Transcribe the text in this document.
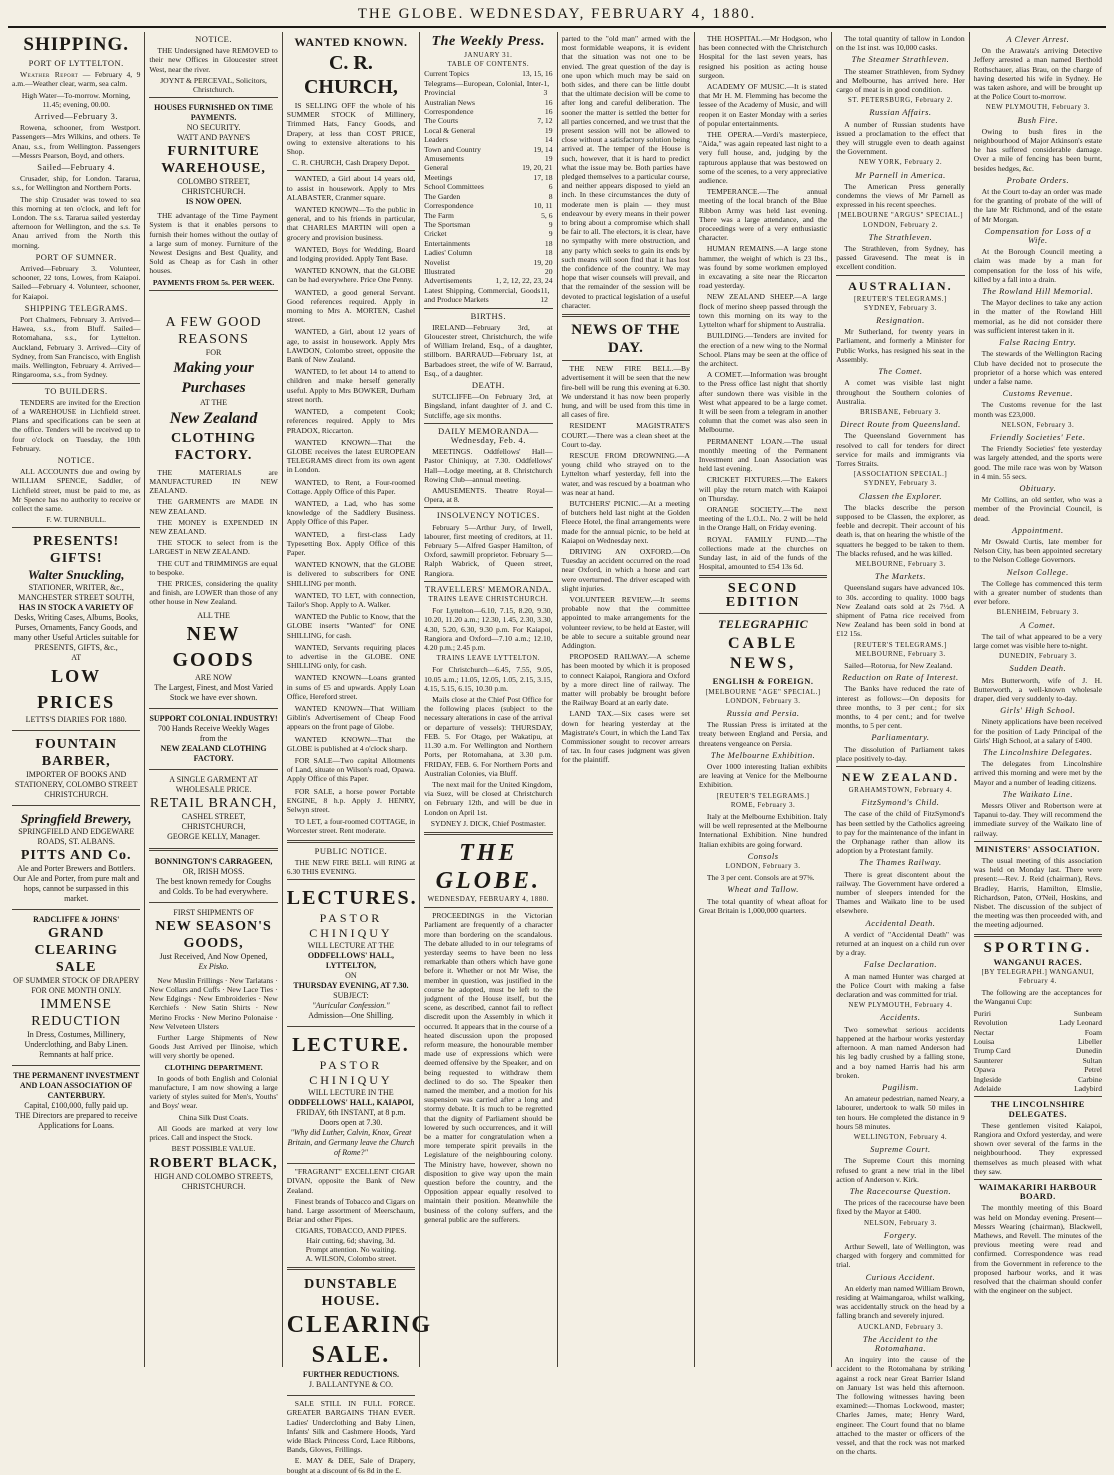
THE GLOBE. WEDNESDAY, FEBRUARY 4, 1880.
SHIPPING.
PORT OF LYTTELTON.
Weather Report — February 4, 9 a.m.—Weather clear, warm, sea calm.
High Water—To-morrow. Morning, 11.45; evening, 00.00.
Arrived—February 3.
Rowena, schooner, from Westport. Passengers—Mrs Wilkins, and others. Te Anau, s.s., from Wellington. Passengers—Messrs Pearson, Boyd, and others.
Sailed—February 4.
Crusader, ship, for London. Tararua, s.s., for Wellington and Northern Ports.
The ship Crusader was towed to sea this morning at ten o'clock, and left for London. The s.s. Tararua sailed yesterday afternoon for Wellington, and the s.s. Te Anau arrived from the North this morning.
PORT OF SUMNER.
Arrived—February 3. Volunteer, schooner, 22 tons, Lowes, from Kaiapoi. Sailed—February 4. Volunteer, schooner, for Kaiapoi.
SHIPPING TELEGRAMS.
Port Chalmers, February 3. Arrived—Hawea, s.s., from Bluff. Sailed—Rotomahana, s.s., for Lyttelton. Auckland, February 3. Arrived—City of Sydney, from San Francisco, with English mails. Wellington, February 4. Arrived—Ringarooma, s.s., from Sydney.
TO BUILDERS.
TENDERS are invited for the Erection of a WAREHOUSE in Lichfield street. Plans and specifications can be seen at the office. Tenders will be received up to four o'clock on Tuesday, the 10th February.
NOTICE.
ALL ACCOUNTS due and owing by WILLIAM SPENCE, Saddler, of Lichfield street, must be paid to me, as Mr Spence has no authority to receive or collect the same.
F. W. TURNBULL.
PRESENTS! GIFTS!
Walter Snuckling,
STATIONER, WRITER, &c.,
MANCHESTER STREET SOUTH,
HAS IN STOCK A VARIETY OF
Desks, Writing Cases, Albums, Books, Purses, Ornaments, Fancy Goods, and many other Useful Articles suitable for
PRESENTS, GIFTS, &c.,
AT
LOW PRICES
LETTS'S DIARIES FOR 1880.
FOUNTAIN BARBER,
IMPORTER OF BOOKS AND STATIONERY, COLOMBO STREET CHRISTCHURCH.
Springfield Brewery,
SPRINGFIELD AND EDGEWARE ROADS, ST. ALBANS.
PITTS AND Co.
Ale and Porter Brewers and Bottlers. Our Ale and Porter, from pure malt and hops, cannot be surpassed in this market.
RADCLIFFE & JOHNS'
GRAND CLEARING SALE
OF SUMMER STOCK OF DRAPERY FOR ONE MONTH ONLY.
IMMENSE REDUCTION
In Dress, Costumes, Millinery, Underclothing, and Baby Linen. Remnants at half price.
THE PERMANENT INVESTMENT AND LOAN ASSOCIATION OF CANTERBURY.
Capital, £100,000, fully paid up.
THE Directors are prepared to receive Applications for Loans.
NOTICE.
THE Undersigned have REMOVED to their new Offices in Gloucester street West, near the river.
JOYNT & PERCEVAL, Solicitors, Christchurch.
HOUSES FURNISHED ON TIME PAYMENTS.
NO SECURITY.
WATT AND PAYNE'S
FURNITURE WAREHOUSE,
COLOMBO STREET, CHRISTCHURCH.
IS NOW OPEN.
THE advantage of the Time Payment System is that it enables persons to furnish their homes without the outlay of a large sum of money. Furniture of the Newest Designs and Best Quality, and Sold as Cheap as for Cash in other houses.
PAYMENTS FROM 5s. PER WEEK.
A FEW GOOD REASONS
FOR
Making your Purchases
AT THE
New Zealand
CLOTHING FACTORY.
THE MATERIALS are MANUFACTURED IN NEW ZEALAND.
THE GARMENTS are MADE IN NEW ZEALAND.
THE MONEY is EXPENDED IN NEW ZEALAND.
THE STOCK to select from is the LARGEST in NEW ZEALAND.
THE CUT and TRIMMINGS are equal to bespoke.
THE PRICES, considering the quality and finish, are LOWER than those of any other house in New Zealand.
ALL THE
NEW GOODS
ARE NOW
The Largest, Finest, and Most Varied Stock we have ever shown.
SUPPORT COLONIAL INDUSTRY!
700 Hands Receive Weekly Wages from the
NEW ZEALAND CLOTHING FACTORY.
A SINGLE GARMENT AT WHOLESALE PRICE.
RETAIL BRANCH,
CASHEL STREET, CHRISTCHURCH,
GEORGE KELLY, Manager.
BONNINGTON'S CARRAGEEN,
OR, IRISH MOSS.
The best known remedy for Coughs and Colds. To be had everywhere.
FIRST SHIPMENTS OF
NEW SEASON'S GOODS,
Just Received, And Now Opened,
Ex Pisko.
New Muslin Frillings · New Tarlatans · New Collars and Cuffs · New Lace Ties · New Edgings · New Embroideries · New Kerchiefs · New Satin Shirts · New Merino Frocks · New Merino Polonaise · New Velveteen Ulsters
Further Large Shipments of New Goods Just Arrived per Ilinoise, which will very shortly be opened.
CLOTHING DEPARTMENT.
In goods of both English and Colonial manufacture, I am now showing a large variety of styles suited for Men's, Youths' and Boys' wear.
China Silk Dust Coats.
All Goods are marked at very low prices. Call and inspect the Stock.
BEST POSSIBLE VALUE.
ROBERT BLACK,
HIGH AND COLOMBO STREETS, CHRISTCHURCH.
WANTED KNOWN.
C. R. CHURCH,
IS SELLING OFF the whole of his SUMMER STOCK of Millinery, Trimmed Hats, Fancy Goods, and Drapery, at less than COST PRICE, owing to extensive alterations to his Shop.
C. R. CHURCH, Cash Drapery Depot.
WANTED, a Girl about 14 years old, to assist in housework. Apply to Mrs ALABASTER, Cranmer square.
WANTED KNOWN—To the public in general, and to his friends in particular, that CHARLES MARTIN will open a grocery and provision business.
WANTED, Boys for Wedding, Board and lodging provided. Apply Tent Base.
WANTED KNOWN, that the GLOBE can be had everywhere. Price One Penny.
WANTED, a good general Servant. Good references required. Apply in morning to Mrs A. MORTEN, Cashel street.
WANTED, a Girl, about 12 years of age, to assist in housework. Apply Mrs LAWDON, Colombo street, opposite the Bank of New Zealand.
WANTED, to let about 14 to attend to children and make herself generally useful. Apply to Mrs BOWKER, Durham street north.
WANTED, a competent Cook; references required. Apply to Mrs PRADOX, Riccarton.
WANTED KNOWN—That the GLOBE receives the latest EUROPEAN TELEGRAMS direct from its own agent in London.
WANTED, to Rent, a Four-roomed Cottage. Apply Office of this Paper.
WANTED, a Lad, who has some knowledge of the Saddlery Business. Apply Office of this Paper.
WANTED, a first-class Lady Typesetting Box. Apply Office of this Paper.
WANTED KNOWN, that the GLOBE is delivered to subscribers for ONE SHILLING per month.
WANTED, TO LET, with connection, Tailor's Shop. Apply to A. Walker.
WANTED the Public to Know, that the GLOBE inserts "Wanted" for ONE SHILLING, for cash.
WANTED, Servants requiring places to advertise in the GLOBE. ONE SHILLING only, for cash.
WANTED KNOWN—Loans granted in sums of £5 and upwards. Apply Loan Office, Hereford street.
WANTED KNOWN—That William Giblin's Advertisement of Cheap Food appears on the front page of Globe.
WANTED KNOWN—That the GLOBE is published at 4 o'clock sharp.
FOR SALE—Two capital Allotments of Land, situate on Wilson's road, Opawa. Apply Office of this Paper.
FOR SALE, a horse power Portable ENGINE, 8 h.p. Apply J. HENRY, Selwyn street.
TO LET, a four-roomed COTTAGE, in Worcester street. Rent moderate.
PUBLIC NOTICE.
THE NEW FIRE BELL will RING at 6.30 THIS EVENING.
LECTURES.
PASTOR CHINIQUY
WILL LECTURE AT THE
ODDFELLOWS' HALL, LYTTELTON,
ON
THURSDAY EVENING, AT 7.30.
SUBJECT:
"Auricular Confession."
Admission—One Shilling.
LECTURE.
PASTOR CHINIQUY
WILL LECTURE IN THE
ODDFELLOWS' HALL, KAIAPOI,
FRIDAY, 6th INSTANT, at 8 p.m.
Doors open at 7.30.
"Why did Luther, Calvin, Knox, Great Britain, and Germany leave the Church of Rome?"
"FRAGRANT" EXCELLENT CIGAR DIVAN, opposite the Bank of New Zealand.
Finest brands of Tobacco and Cigars on hand. Large assortment of Meerschaum, Briar and other Pipes.
CIGARS, TOBACCO, AND PIPES.
Hair cutting, 6d; shaving, 3d.
Prompt attention. No waiting.
A. WILSON, Colombo street.
DUNSTABLE HOUSE.
CLEARING
SALE.
FURTHER REDUCTIONS.
J. BALLANTYNE & CO.
SALE STILL IN FULL FORCE. GREATER BARGAINS THAN EVER. Ladies' Underclothing and Baby Linen, Infants' Silk and Cashmere Hoods, Yard wide Black Princess Cord, Lace Ribbons, Bands, Gloves, Frillings.
E. MAY & DEE, Sale of Drapery, bought at a discount of 6s 8d in the £.
The Weekly Press.
JANUARY 31.
TABLE OF CONTENTS.
Current Topics	13, 15, 16
Telegrams—European, Colonial, Inter-Provincial
1, 3
Australian News	16
Correspondence	16
The Courts	7, 12
Local & General	19
Leaders	14
Town and Country	19, 14
Amusements	19
General	19, 20, 21
Meetings	17, 18
School Committees	6
The Garden	8
Correspondence	10, 11
The Farm	5, 6
The Sportsman	9
Cricket	9
Entertainments	18
Ladies' Column	18
Novelist	19, 20
Illustrated	20
Advertisements	1, 2, 12, 22, 23, 24
Latest Shipping, Commercial, Goods and Produce Markets
11, 12
BIRTHS.
IRELAND—February 3rd, at Gloucester street, Christchurch, the wife of William Ireland, Esq., of a daughter, stillborn. BARRAUD—February 1st, at Barbadoes street, the wife of W. Barraud, Esq., of a daughter.
DEATH.
SUTCLIFFE—On February 3rd, at Bingsland, infant daughter of J. and C. Sutcliffe, age six months.
DAILY MEMORANDA—Wednesday, Feb. 4.
MEETINGS. Oddfellows' Hall—Pastor Chiniquy, at 7.30. Oddfellows' Hall—Lodge meeting, at 8. Christchurch Rowing Club—annual meeting.
AMUSEMENTS. Theatre Royal—Opera, at 8.
INSOLVENCY NOTICES.
February 5—Arthur Jury, of Irwell, labourer, first meeting of creditors, at 11. February 5—Alfred Gasper Hamilton, of Oxford, sawmill proprietor. February 5—Ralph Wabrick, of Queen street, Rangiora.
TRAVELLERS' MEMORANDA.
TRAINS LEAVE CHRISTCHURCH.
For Lyttelton—6.10, 7.15, 8.20, 9.30, 10.20, 11.20 a.m.; 12.30, 1.45, 2.30, 3.30, 4.30, 5.20, 6.30, 9.30 p.m. For Kaiapoi, Rangiora and Oxford—7.10 a.m.; 12.10, 4.20 p.m.; 2.45 p.m.
TRAINS LEAVE LYTTELTON.
For Christchurch—6.45, 7.55, 9.05, 10.05 a.m.; 11.05, 12.05, 1.05, 2.15, 3.15, 4.15, 5.15, 6.15, 10.30 p.m.
Mails close at the Chief Post Office for the following places (subject to the necessary alterations in case of the arrival or departure of vessels): THURSDAY, FEB. 5. For Otago, per Wakatipu, at 11.30 a.m. For Wellington and Northern Ports, per Rotomahana, at 3.30 p.m. FRIDAY, FEB. 6. For Northern Ports and Australian Colonies, via Bluff.
The next mail for the United Kingdom, via Suez, will be closed at Christchurch on February 12th, and will be due in London on April 1st.
SYDNEY J. DICK, Chief Postmaster.
THE GLOBE.
WEDNESDAY, FEBRUARY 4, 1880.
PROCEEDINGS in the Victorian Parliament are frequently of a character more than bordering on the scandalous. The debate alluded to in our telegrams of yesterday seems to have been no less remarkable than others which have gone before it. Whether or not Mr Wise, the member in question, was justified in the course he adopted, must be left to the judgment of the House itself, but the scene, as described, cannot fail to reflect discredit upon the Assembly in which it occurred. It appears that in the course of a heated discussion upon the proposed reform measure, the honourable member made use of expressions which were deemed offensive by the Speaker, and on being requested to withdraw them declined to do so. The Speaker then named the member, and a motion for his suspension was carried after a long and stormy debate. It is much to be regretted that the dignity of Parliament should be lowered by such occurrences, and it will be a matter for congratulation when a more temperate spirit prevails in the Legislature of the neighbouring colony. The Ministry have, however, shown no disposition to give way upon the main question before the country, and the Opposition appear equally resolved to maintain their position. Meanwhile the business of the colony suffers, and the general public are the sufferers.
parted to the "old man" armed with the most formidable weapons, it is evident that the situation was not one to be envied. The great question of the day is one upon which much may be said on both sides, and there can be little doubt that the ultimate decision will be come to after long and careful deliberation. The sooner the matter is settled the better for all parties concerned, and we trust that the present session will not be allowed to close without a satisfactory solution being arrived at. The temper of the House is such, however, that it is hard to predict what the issue may be. Both parties have pledged themselves to a particular course, and neither appears disposed to yield an inch. In these circumstances the duty of moderate men is plain — they must endeavour by every means in their power to bring about a compromise which shall be fair to all. The electors, it is clear, have no sympathy with mere obstruction, and any party which seeks to gain its ends by such means will soon find that it has lost the confidence of the country. We may hope that wiser counsels will prevail, and that the remainder of the session will be devoted to practical legislation of a useful character.
NEWS OF THE DAY.
THE NEW FIRE BELL.—By advertisement it will be seen that the new fire-bell will be rung this evening at 6.30. We understand it has now been properly hung, and will be used from this time in all cases of fire.
RESIDENT MAGISTRATE'S COURT.—There was a clean sheet at the Court to-day.
RESCUE FROM DROWNING.—A young child who strayed on to the Lyttelton wharf yesterday, fell into the water, and was rescued by a boatman who was near at hand.
BUTCHERS' PICNIC.—At a meeting of butchers held last night at the Golden Fleece Hotel, the final arrangements were made for the annual picnic, to be held at Kaiapoi on Wednesday next.
DRIVING AN OXFORD.—On Tuesday an accident occurred on the road near Oxford, in which a horse and cart were overturned. The driver escaped with slight injuries.
VOLUNTEER REVIEW.—It seems probable now that the committee appointed to make arrangements for the volunteer review, to be held at Easter, will be able to secure a suitable ground near Addington.
PROPOSED RAILWAY.—A scheme has been mooted by which it is proposed to connect Kaiapoi, Rangiora and Oxford by a more direct line of railway. The matter will probably be brought before the Railway Board at an early date.
LAND TAX.—Six cases were set down for hearing yesterday at the Magistrate's Court, in which the Land Tax Commissioner sought to recover arrears of tax. In four cases judgment was given for the plaintiff.
THE HOSPITAL.—Mr Hodgson, who has been connected with the Christchurch Hospital for the last seven years, has resigned his position as acting house surgeon.
ACADEMY OF MUSIC.—It is stated that Mr H. M. Flemming has become the lessee of the Academy of Music, and will reopen it on Easter Monday with a series of popular entertainments.
THE OPERA.—Verdi's masterpiece, "Aida," was again repeated last night to a very full house, and, judging by the rapturous applause that was bestowed on some of the scenes, to a very appreciative audience.
TEMPERANCE.—The annual meeting of the local branch of the Blue Ribbon Army was held last evening. There was a large attendance, and the proceedings were of a very enthusiastic character.
HUMAN REMAINS.—A large stone hammer, the weight of which is 23 lbs., was found by some workmen employed in excavating a site near the Riccarton road yesterday.
NEW ZEALAND SHEEP.—A large flock of merino sheep passed through the town this morning on its way to the Lyttelton wharf for shipment to Australia.
BUILDING.—Tenders are invited for the erection of a new wing to the Normal School. Plans may be seen at the office of the architect.
A COMET.—Information was brought to the Press office last night that shortly after sundown there was visible in the West what appeared to be a large comet. It will be seen from a telegram in another column that the comet was also seen in Melbourne.
PERMANENT LOAN.—The usual monthly meeting of the Permanent Investment and Loan Association was held last evening.
CRICKET FIXTURES.—The Eakers will play the return match with Kaiapoi on Thursday.
ORANGE SOCIETY.—The next meeting of the L.O.L. No. 2 will be held in the Orange Hall, on Friday evening.
ROYAL FAMILY FUND.—The collections made at the churches on Sunday last, in aid of the funds of the Hospital, amounted to £54 13s 6d.
SECOND EDITION
TELEGRAPHIC
CABLE NEWS,
ENGLISH & FOREIGN.
[MELBOURNE "AGE" SPECIAL.]
LONDON, February 3.
Russia and Persia.
The Russian Press is irritated at the treaty between England and Persia, and threatens vengeance on Persia.
The Melbourne Exhibition.
Over 1000 interesting Italian exhibits are leaving at Venice for the Melbourne Exhibition.
[REUTER'S TELEGRAMS.]
ROME, February 3.
Italy at the Melbourne Exhibition. Italy will be well represented at the Melbourne International Exhibition. Nine hundred Italian exhibits are going forward.
Consols
LONDON, February 3.
The 3 per cent. Consols are at 97⅝.
Wheat and Tallow.
The total quantity of wheat afloat for Great Britain is 1,000,000 quarters.
The total quantity of tallow in London on the 1st inst. was 10,000 casks.
The Steamer Strathleven.
The steamer Strathleven, from Sydney and Melbourne, has arrived here. Her cargo of meat is in good condition.
ST. PETERSBURG, February 2.
Russian Affairs.
A number of Russian students have issued a proclamation to the effect that they will struggle even to death against the Government.
NEW YORK, February 2.
Mr Parnell in America.
The American Press generally condemns the views of Mr Parnell as expressed in his recent speeches.
[MELBOURNE "ARGUS" SPECIAL.]
LONDON, February 2.
The Strathleven.
The Strathleven, from Sydney, has passed Gravesend. The meat is in excellent condition.
AUSTRALIAN.
[REUTER'S TELEGRAMS.]
SYDNEY, February 3.
Resignation.
Mr Sutherland, for twenty years in Parliament, and formerly a Minister for Public Works, has resigned his seat in the Assembly.
The Comet.
A comet was visible last night throughout the Southern colonies of Australia.
BRISBANE, February 3.
Direct Route from Queensland.
The Queensland Government has resolved to call for tenders for direct service for mails and immigrants via Torres Straits.
[ASSOCIATION SPECIAL.]
SYDNEY, February 3.
Classen the Explorer.
The blacks describe the person supposed to be Classen, the explorer, as feeble and decrepit. Their account of his death is, that on hearing the whistle of the squatters he begged to be taken to them. The blacks refused, and he was killed.
MELBOURNE, February 3.
The Markets.
Queensland sugars have advanced 10s. to 30s. according to quality. 1000 bags New Zealand oats sold at 2s 7½d. A shipment of Patna rice received from New Zealand has been sold in bond at £12 15s.
[REUTER'S TELEGRAMS.]
MELBOURNE, February 3.
Sailed—Rotorua, for New Zealand.
Reduction on Rate of Interest.
The Banks have reduced the rate of interest as follows:—On deposits for three months, to 3 per cent.; for six months, to 4 per cent.; and for twelve months, to 5 per cent.
Parliamentary.
The dissolution of Parliament takes place positively to-day.
NEW ZEALAND.
GRAHAMSTOWN, February 4.
FitzSymond's Child.
The case of the child of FitzSymond's has been settled by the Catholics agreeing to pay for the maintenance of the infant in the Orphanage rather than allow its adoption by a Protestant family.
The Thames Railway.
There is great discontent about the railway. The Government have ordered a number of sleepers intended for the Thames and Waikato line to be used elsewhere.
Accidental Death.
A verdict of "Accidental Death" was returned at an inquest on a child run over by a dray.
False Declaration.
A man named Hunter was charged at the Police Court with making a false declaration and was committed for trial.
NEW PLYMOUTH, February 4.
Accidents.
Two somewhat serious accidents happened at the harbour works yesterday afternoon. A man named Anderson had his leg badly crushed by a falling stone, and a boy named Harris had his arm broken.
Pugilism.
An amateur pedestrian, named Neary, a labourer, undertook to walk 50 miles in ten hours. He completed the distance in 9 hours 58 minutes.
WELLINGTON, February 4.
Supreme Court.
The Supreme Court this morning refused to grant a new trial in the libel action of Anderson v. Kirk.
The Racecourse Question.
The prices of the racecourse have been fixed by the Mayor at £400.
NELSON, February 3.
Forgery.
Arthur Sewell, late of Wellington, was charged with forgery and committed for trial.
Curious Accident.
An elderly man named William Brown, residing at Waimangaroa, whilst walking, was accidentally struck on the head by a falling branch and severely injured.
AUCKLAND, February 3.
The Accident to the Rotomahana.
An inquiry into the cause of the accident to the Rotomahana by striking against a rock near Great Barrier Island on January 1st was held this afternoon. The following witnesses having been examined:—Thomas Lockwood, master; Charles James, mate; Henry Ward, engineer. The Court found that no blame attached to the master or officers of the vessel, and that the rock was not marked on the charts.
A Clever Arrest.
On the Arawata's arriving Detective Jeffery arrested a man named Berthold Rothschauer, alias Brau, on the charge of having deserted his wife in Sydney. He was taken ashore, and will be brought up at the Police Court to-morrow.
NEW PLYMOUTH, February 3.
Bush Fire.
Owing to bush fires in the neighbourhood of Major Atkinson's estate he has suffered considerable damage. Over a mile of fencing has been burnt, besides hedges, &c.
Probate Orders.
At the Court to-day an order was made for the granting of probate of the will of the late Mr Richmond, and of the estate of Mr Morgan.
Compensation for Loss of a Wife.
At the Borough Council meeting a claim was made by a man for compensation for the loss of his wife, killed by a fall into a drain.
The Rowland Hill Memorial.
The Mayor declines to take any action in the matter of the Rowland Hill memorial, as he did not consider there was sufficient interest taken in it.
False Racing Entry.
The stewards of the Wellington Racing Club have decided not to prosecute the proprietor of a horse which was entered under a false name.
Customs Revenue.
The Customs revenue for the last month was £23,000.
NELSON, February 3.
Friendly Societies' Fete.
The Friendly Societies' fete yesterday was largely attended, and the sports were good. The mile race was won by Watson in 4 min. 55 secs.
Obituary.
Mr Collins, an old settler, who was a member of the Provincial Council, is dead.
Appointment.
Mr Oswald Curtis, late member for Nelson City, has been appointed secretary to the Nelson College Governors.
Nelson College.
The College has commenced this term with a greater number of students than ever before.
BLENHEIM, February 3.
A Comet.
The tail of what appeared to be a very large comet was visible here to-night.
DUNEDIN, February 3.
Sudden Death.
Mrs Butterworth, wife of J. H. Butterworth, a well-known wholesale draper, died very suddenly to-day.
Girls' High School.
Ninety applications have been received for the position of Lady Principal of the Girls' High School, at a salary of £400.
The Lincolnshire Delegates.
The delegates from Lincolnshire arrived this morning and were met by the Mayor and a number of leading citizens.
The Waikato Line.
Messrs Oliver and Robertson were at Tapanui to-day. They will recommend the immediate survey of the Waikato line of railway.
MINISTERS' ASSOCIATION.
The usual meeting of this association was held on Monday last. There were present:—Rev. J. Reid (chairman), Revs. Bradley, Harris, Hamilton, Elmslie, Richardson, Paton, O'Neil, Hoskins, and Nisbet. The discussion of the subject of the meeting was then proceeded with, and the meeting adjourned.
SPORTING.
WANGANUI RACES.
[BY TELEGRAPH.] WANGANUI, February 4.
The following are the acceptances for the Wanganui Cup:
Puriri	Sunbeam
Revolution	Lady Leonard
Nectar	Foam
Louisa	Libeller
Trump Card	Dunedin
Saunterer	Sultan
Opawa	Petrel
Ingleside	Carbine
Adelaide	Ladybird
THE LINCOLNSHIRE DELEGATES.
These gentlemen visited Kaiapoi, Rangiora and Oxford yesterday, and were shown over several of the farms in the neighbourhood. They expressed themselves as much pleased with what they saw.
WAIMAKARIRI HARBOUR BOARD.
The monthly meeting of this Board was held on Monday evening. Present—Messrs Wearing (chairman), Blackwell, Mathews, and Revell. The minutes of the previous meeting were read and confirmed. Correspondence was read from the Government in reference to the proposed harbour works, and it was resolved that the chairman should confer with the engineer on the subject.
